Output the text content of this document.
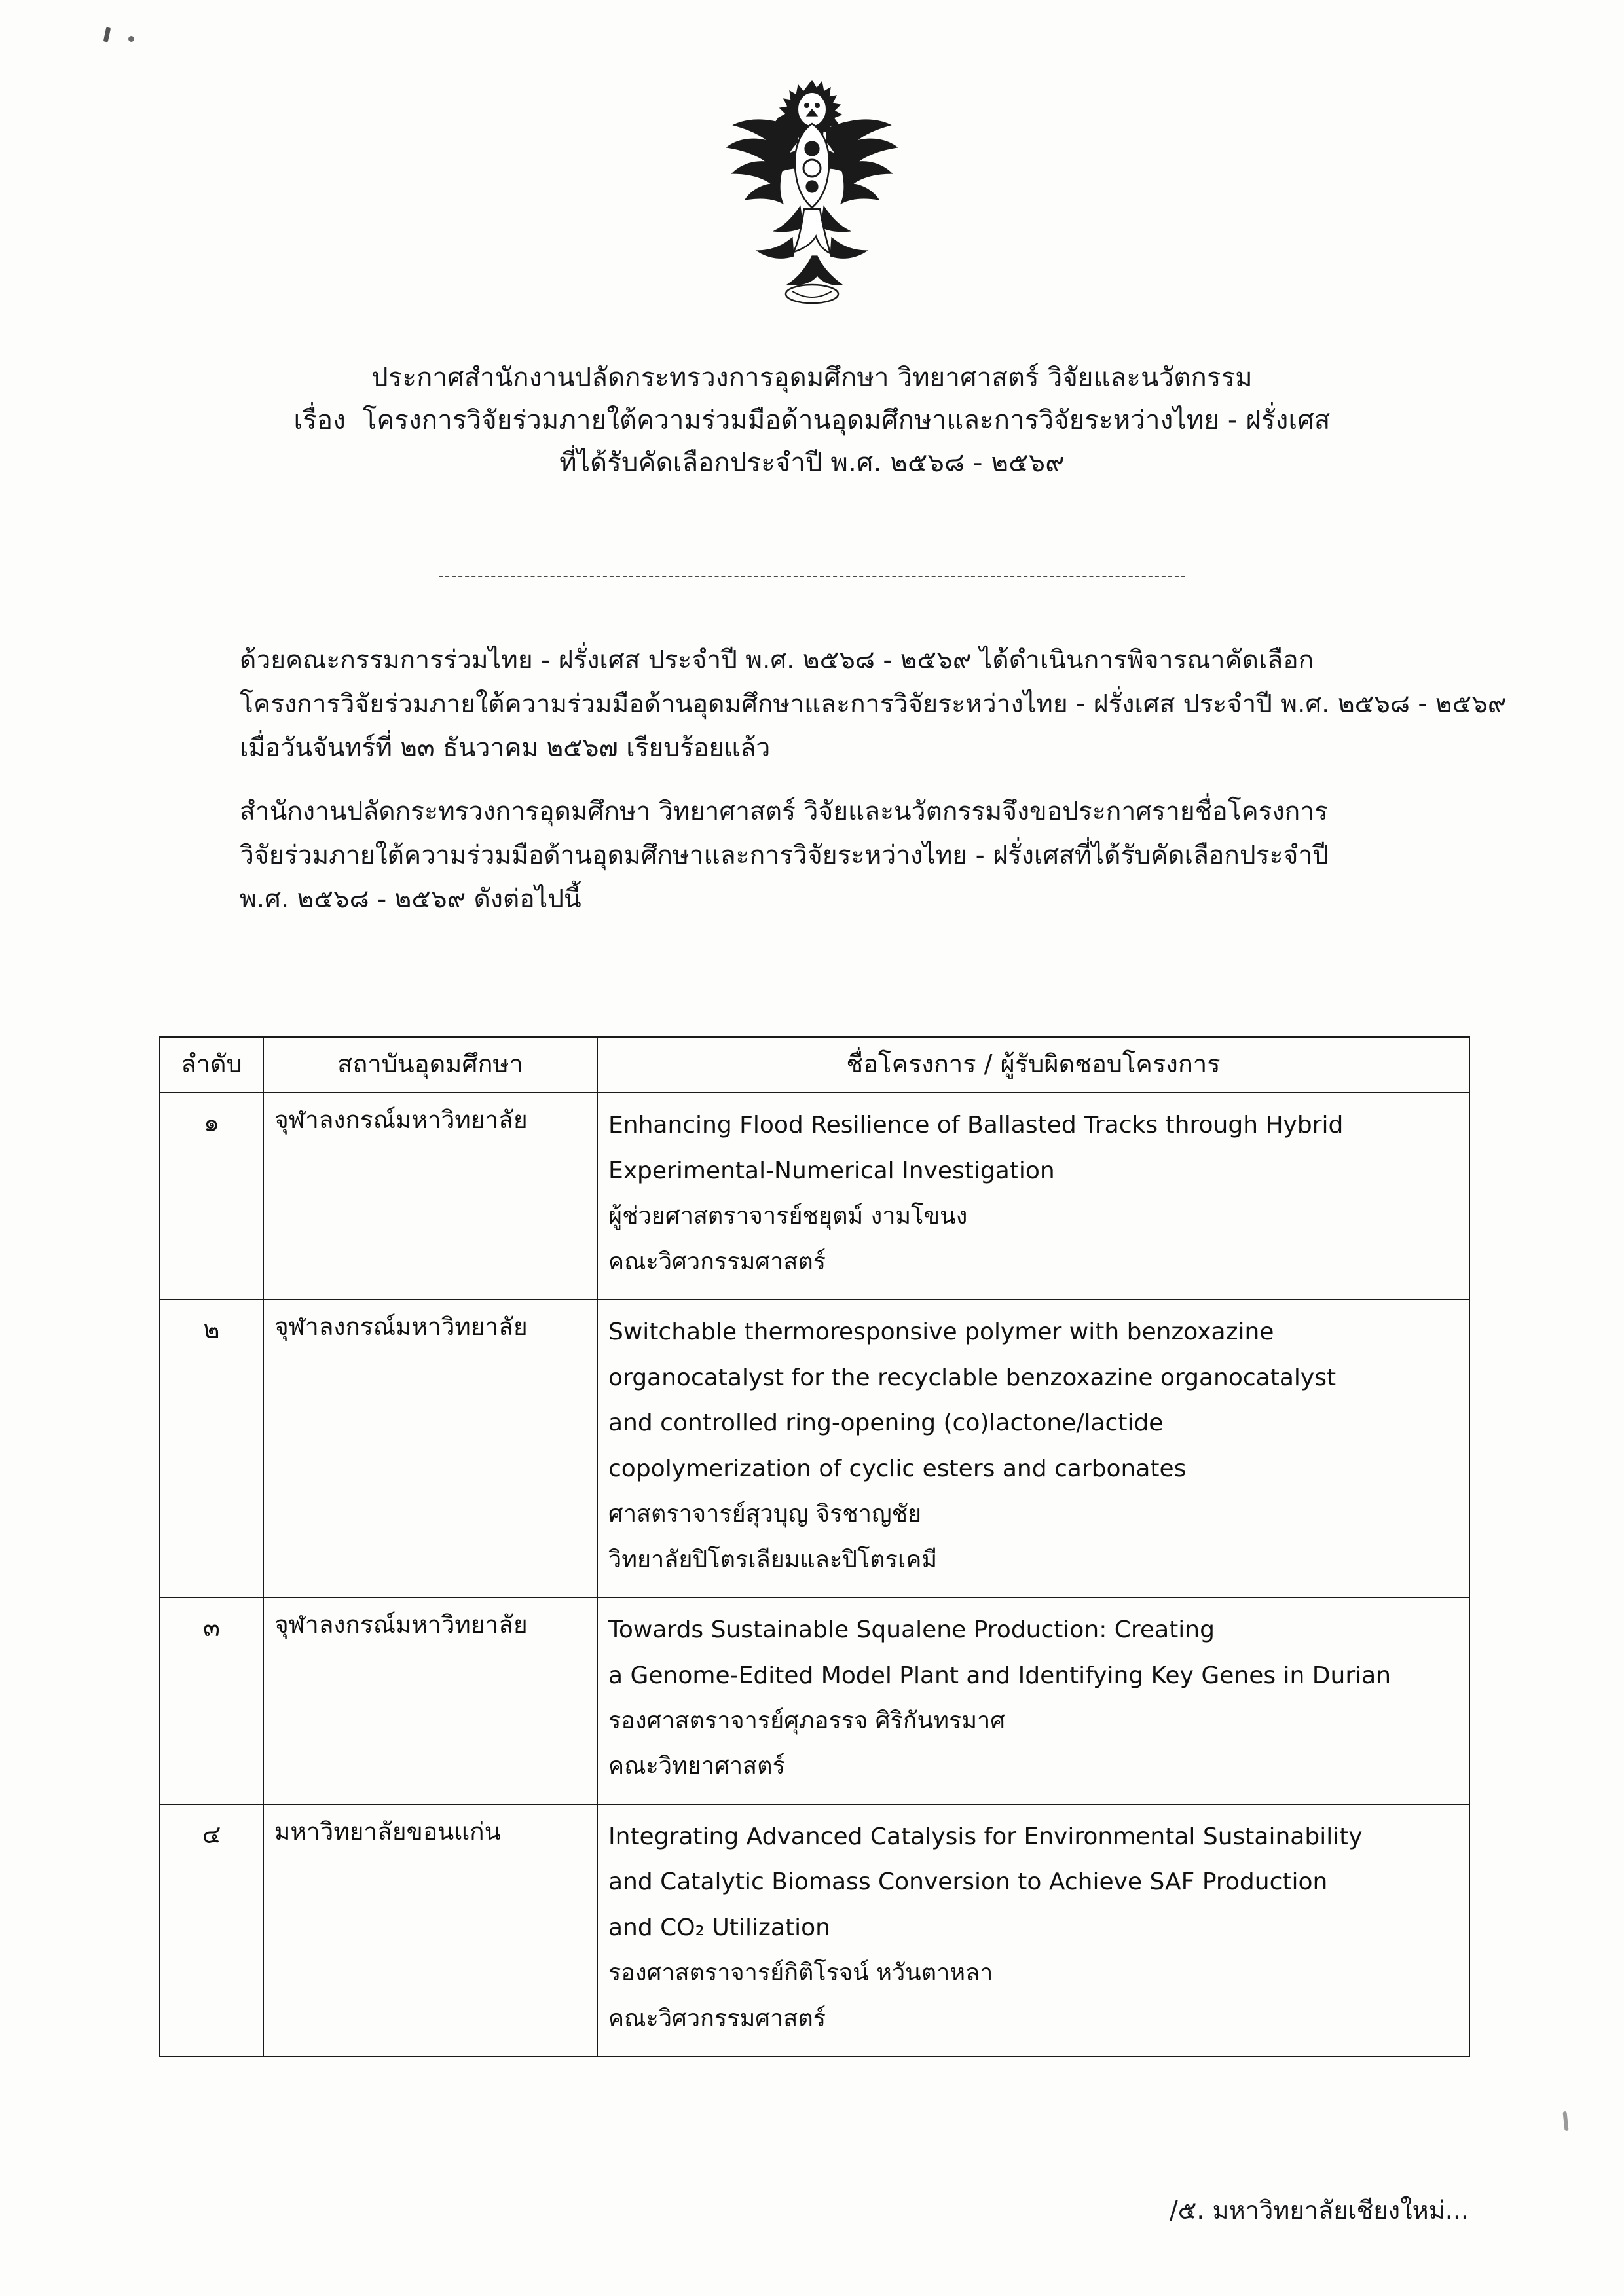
ประกาศสำนักงานปลัดกระทรวงการอุดมศึกษา วิทยาศาสตร์ วิจัยและนวัตกรรม
เรื่อง  โครงการวิจัยร่วมภายใต้ความร่วมมือด้านอุดมศึกษาและการวิจัยระหว่างไทย - ฝรั่งเศส
ที่ได้รับคัดเลือกประจำปี พ.ศ. ๒๕๖๘ - ๒๕๖๙
ด้วยคณะกรรมการร่วมไทย - ฝรั่งเศส ประจำปี พ.ศ. ๒๕๖๘ - ๒๕๖๙ ได้ดำเนินการพิจารณาคัดเลือก
โครงการวิจัยร่วมภายใต้ความร่วมมือด้านอุดมศึกษาและการวิจัยระหว่างไทย - ฝรั่งเศส ประจำปี พ.ศ. ๒๕๖๘ - ๒๕๖๙
เมื่อวันจันทร์ที่ ๒๓ ธันวาคม ๒๕๖๗ เรียบร้อยแล้ว
สำนักงานปลัดกระทรวงการอุดมศึกษา วิทยาศาสตร์ วิจัยและนวัตกรรมจึงขอประกาศรายชื่อโครงการ
วิจัยร่วมภายใต้ความร่วมมือด้านอุดมศึกษาและการวิจัยระหว่างไทย - ฝรั่งเศสที่ได้รับคัดเลือกประจำปี
พ.ศ. ๒๕๖๘ - ๒๕๖๙ ดังต่อไปนี้
ลำดับ	สถาบันอุดมศึกษา	ชื่อโครงการ / ผู้รับผิดชอบโครงการ
๑	จุฬาลงกรณ์มหาวิทยาลัย	Enhancing Flood Resilience of Ballasted Tracks through Hybrid
Experimental-Numerical Investigation
ผู้ช่วยศาสตราจารย์ชยุตม์ งามโขนง
คณะวิศวกรรมศาสตร์

๒	จุฬาลงกรณ์มหาวิทยาลัย	Switchable thermoresponsive polymer with benzoxazine
organocatalyst for the recyclable benzoxazine organocatalyst
and controlled ring-opening (co)lactone/lactide
copolymerization of cyclic esters and carbonates
ศาสตราจารย์สุวบุญ จิรชาญชัย
วิทยาลัยปิโตรเลียมและปิโตรเคมี

๓	จุฬาลงกรณ์มหาวิทยาลัย	Towards Sustainable Squalene Production: Creating
a Genome-Edited Model Plant and Identifying Key Genes in Durian
รองศาสตราจารย์ศุภอรรจ ศิริกันทรมาศ
คณะวิทยาศาสตร์

๔	มหาวิทยาลัยขอนแก่น	Integrating Advanced Catalysis for Environmental Sustainability
and Catalytic Biomass Conversion to Achieve SAF Production
and CO₂ Utilization
รองศาสตราจารย์กิติโรจน์ หวันตาหลา
คณะวิศวกรรมศาสตร์
/๕. มหาวิทยาลัยเชียงใหม่...
